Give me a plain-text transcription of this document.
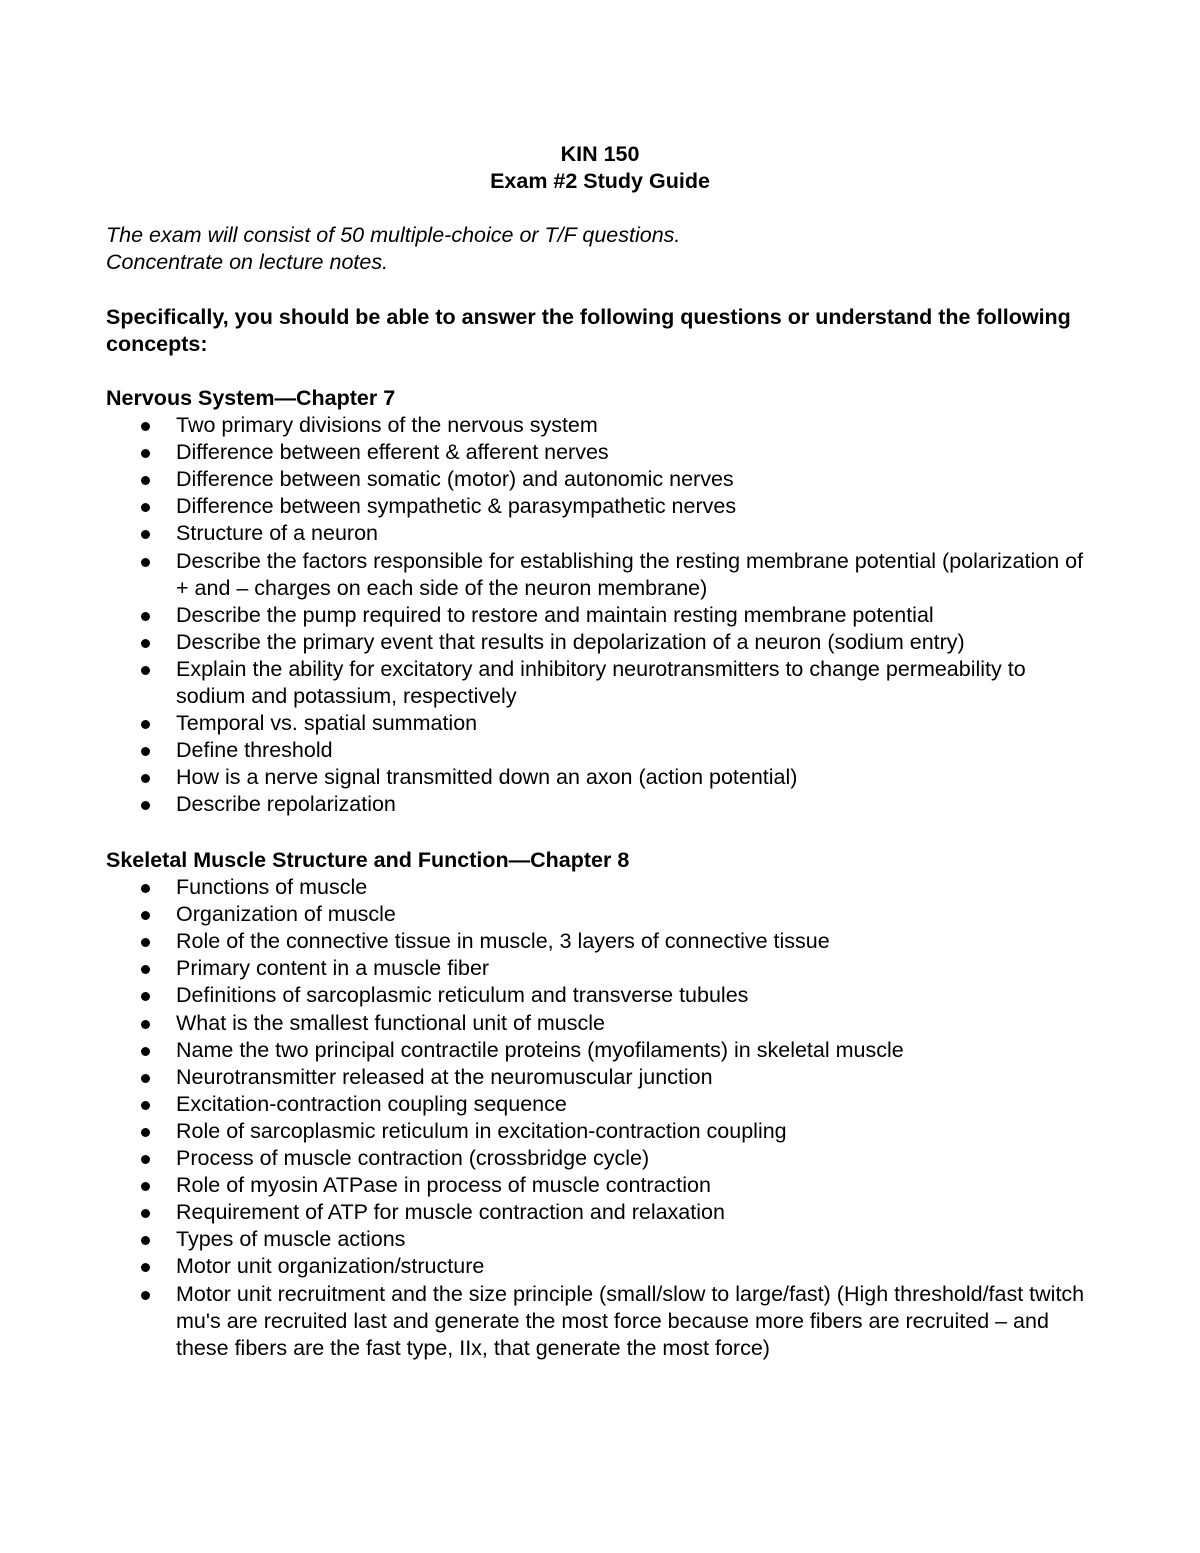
KIN 150
Exam #2 Study Guide
The exam will consist of 50 multiple-choice or T/F questions.
Concentrate on lecture notes.
Specifically, you should be able to answer the following questions or understand the following concepts:
Nervous System—Chapter 7
Two primary divisions of the nervous system
Difference between efferent & afferent nerves
Difference between somatic (motor) and autonomic nerves
Difference between sympathetic & parasympathetic nerves
Structure of a neuron
Describe the factors responsible for establishing the resting membrane potential (polarization of + and – charges on each side of the neuron membrane)
Describe the pump required to restore and maintain resting membrane potential
Describe the primary event that results in depolarization of a neuron (sodium entry)
Explain the ability for excitatory and inhibitory neurotransmitters to change permeability to sodium and potassium, respectively
Temporal vs. spatial summation
Define threshold
How is a nerve signal transmitted down an axon (action potential)
Describe repolarization
Skeletal Muscle Structure and Function—Chapter 8
Functions of muscle
Organization of muscle
Role of the connective tissue in muscle, 3 layers of connective tissue
Primary content in a muscle fiber
Definitions of sarcoplasmic reticulum and transverse tubules
What is the smallest functional unit of muscle
Name the two principal contractile proteins (myofilaments) in skeletal muscle
Neurotransmitter released at the neuromuscular junction
Excitation-contraction coupling sequence
Role of sarcoplasmic reticulum in excitation-contraction coupling
Process of muscle contraction (crossbridge cycle)
Role of myosin ATPase in process of muscle contraction
Requirement of ATP for muscle contraction and relaxation
Types of muscle actions
Motor unit organization/structure
Motor unit recruitment and the size principle (small/slow to large/fast) (High threshold/fast twitch mu's are recruited last and generate the most force because more fibers are recruited – and these fibers are the fast type, IIx, that generate the most force)
